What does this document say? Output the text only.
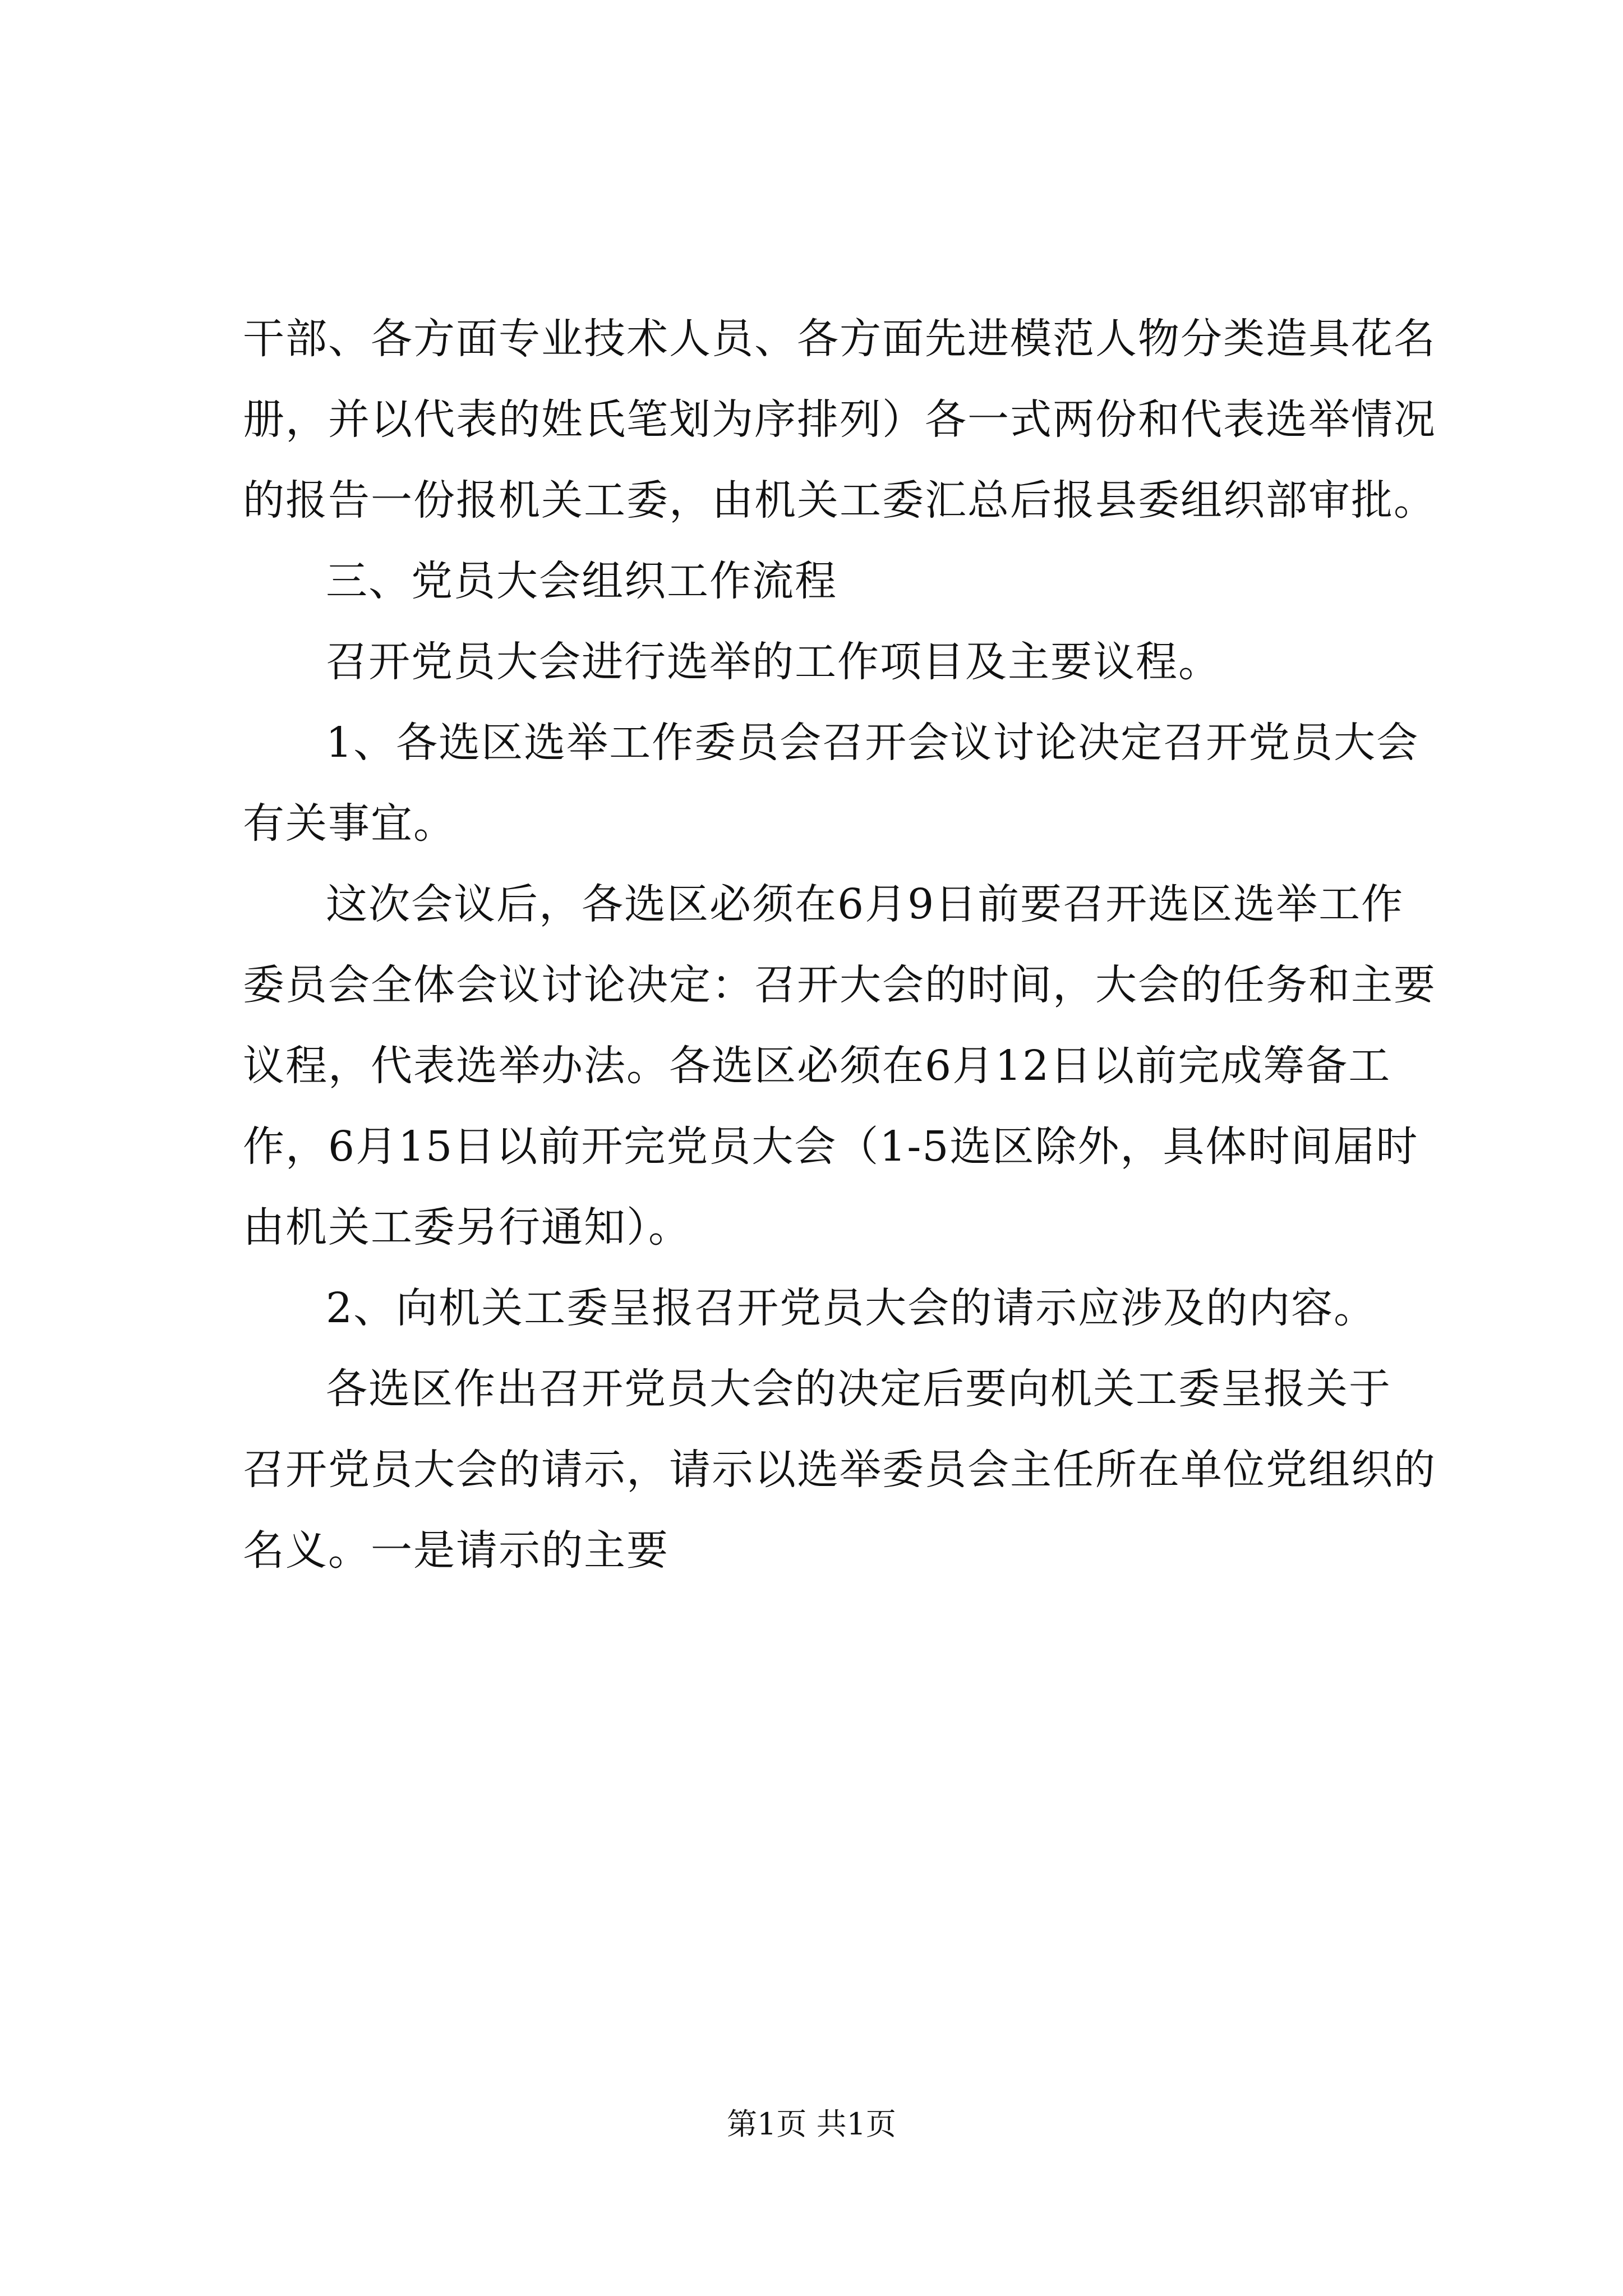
干部、各方面专业技术人员、各方面先进模范人物分类造具花名
册，并以代表的姓氏笔划为序排列）各一式两份和代表选举情况
的报告一份报机关工委，由机关工委汇总后报县委组织部审批。
三、党员大会组织工作流程
召开党员大会进行选举的工作项目及主要议程。
1、各选区选举工作委员会召开会议讨论决定召开党员大会
有关事宜。
这次会议后，各选区必须在6月9日前要召开选区选举工作
委员会全体会议讨论决定：召开大会的时间，大会的任务和主要
议程，代表选举办法。各选区必须在6月12日以前完成筹备工
作，6月15日以前开完党员大会（1-5选区除外，具体时间届时
由机关工委另行通知）。
2、向机关工委呈报召开党员大会的请示应涉及的内容。
各选区作出召开党员大会的决定后要向机关工委呈报关于
召开党员大会的请示，请示以选举委员会主任所在单位党组织的
名义。一是请示的主要
第1页 共1页
